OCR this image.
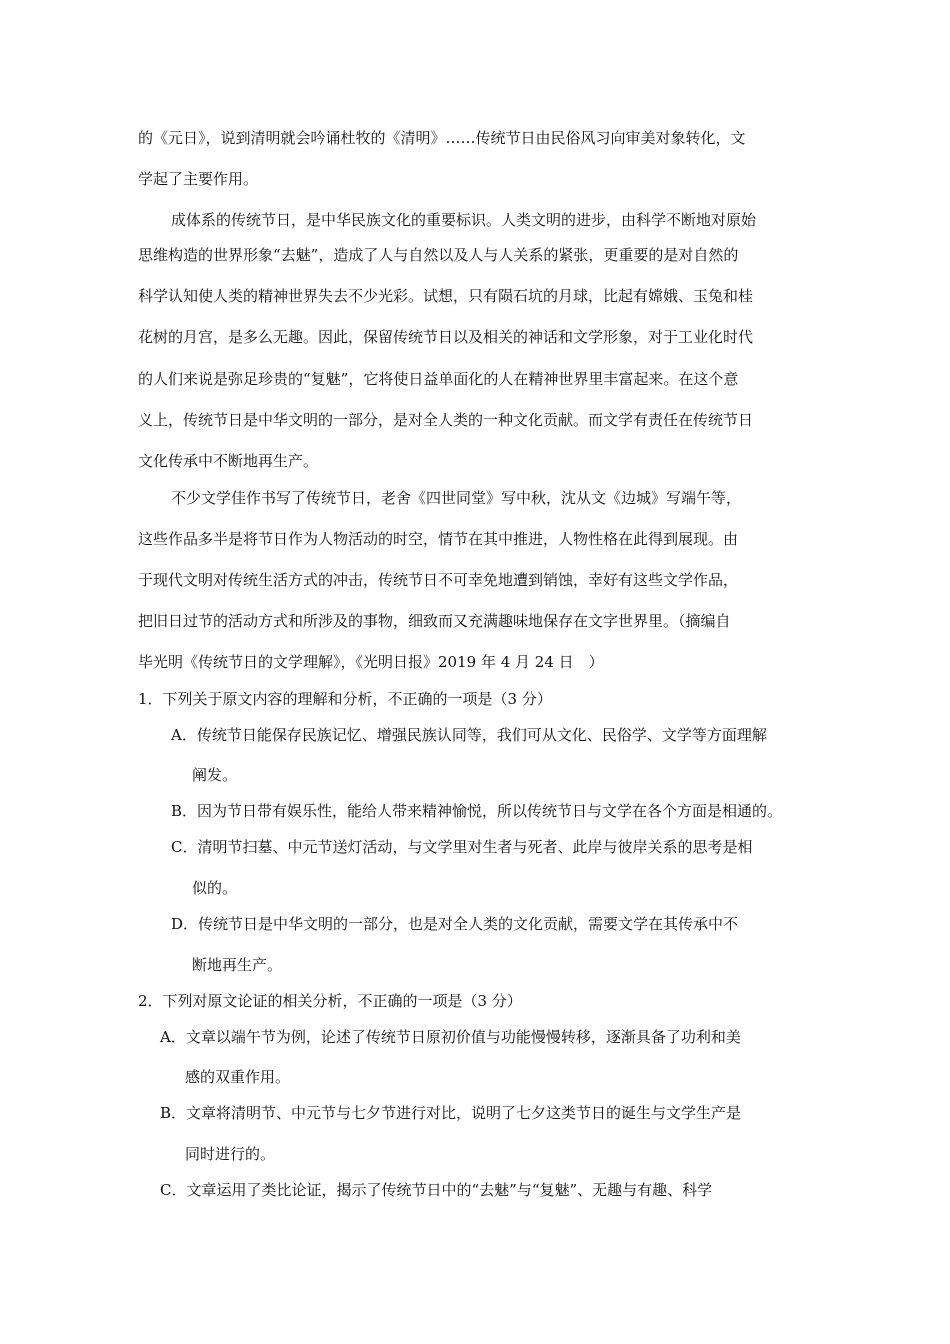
的《元日》，说到清明就会吟诵杜牧的《清明》……传统节日由民俗风习向审美对象转化，文
学起了主要作用。
成体系的传统节日，是中华民族文化的重要标识。人类文明的进步，由科学不断地对原始
思维构造的世界形象“去魅”，造成了人与自然以及人与人关系的紧张，更重要的是对自然的
科学认知使人类的精神世界失去不少光彩。试想，只有陨石坑的月球，比起有嫦娥、玉兔和桂
花树的月宫，是多么无趣。因此，保留传统节日以及相关的神话和文学形象，对于工业化时代
的人们来说是弥足珍贵的“复魅”，它将使日益单面化的人在精神世界里丰富起来。在这个意
义上，传统节日是中华文明的一部分，是对全人类的一种文化贡献。而文学有责任在传统节日
文化传承中不断地再生产。
不少文学佳作书写了传统节日，老舍《四世同堂》写中秋，沈从文《边城》写端午等，
这些作品多半是将节日作为人物活动的时空，情节在其中推进，人物性格在此得到展现。由
于现代文明对传统生活方式的冲击，传统节日不可幸免地遭到销蚀，幸好有这些文学作品，
把旧日过节的活动方式和所涉及的事物，细致而又充满趣味地保存在文字世界里。（摘编自
毕光明《传统节日的文学理解》，《光明日报》2019 年 4 月 24 日　）
1．下列关于原文内容的理解和分析，不正确的一项是（3 分）
A．传统节日能保存民族记忆、增强民族认同等，我们可从文化、民俗学、文学等方面理解
阐发。
B．因为节日带有娱乐性，能给人带来精神愉悦，所以传统节日与文学在各个方面是相通的。
C．清明节扫墓、中元节送灯活动，与文学里对生者与死者、此岸与彼岸关系的思考是相
似的。
D．传统节日是中华文明的一部分，也是对全人类的文化贡献，需要文学在其传承中不
断地再生产。
2．下列对原文论证的相关分析，不正确的一项是（3 分）
A．文章以端午节为例，论述了传统节日原初价值与功能慢慢转移，逐渐具备了功利和美
感的双重作用。
B．文章将清明节、中元节与七夕节进行对比，说明了七夕这类节日的诞生与文学生产是
同时进行的。
C．文章运用了类比论证，揭示了传统节日中的“去魅”与“复魅”、无趣与有趣、科学
